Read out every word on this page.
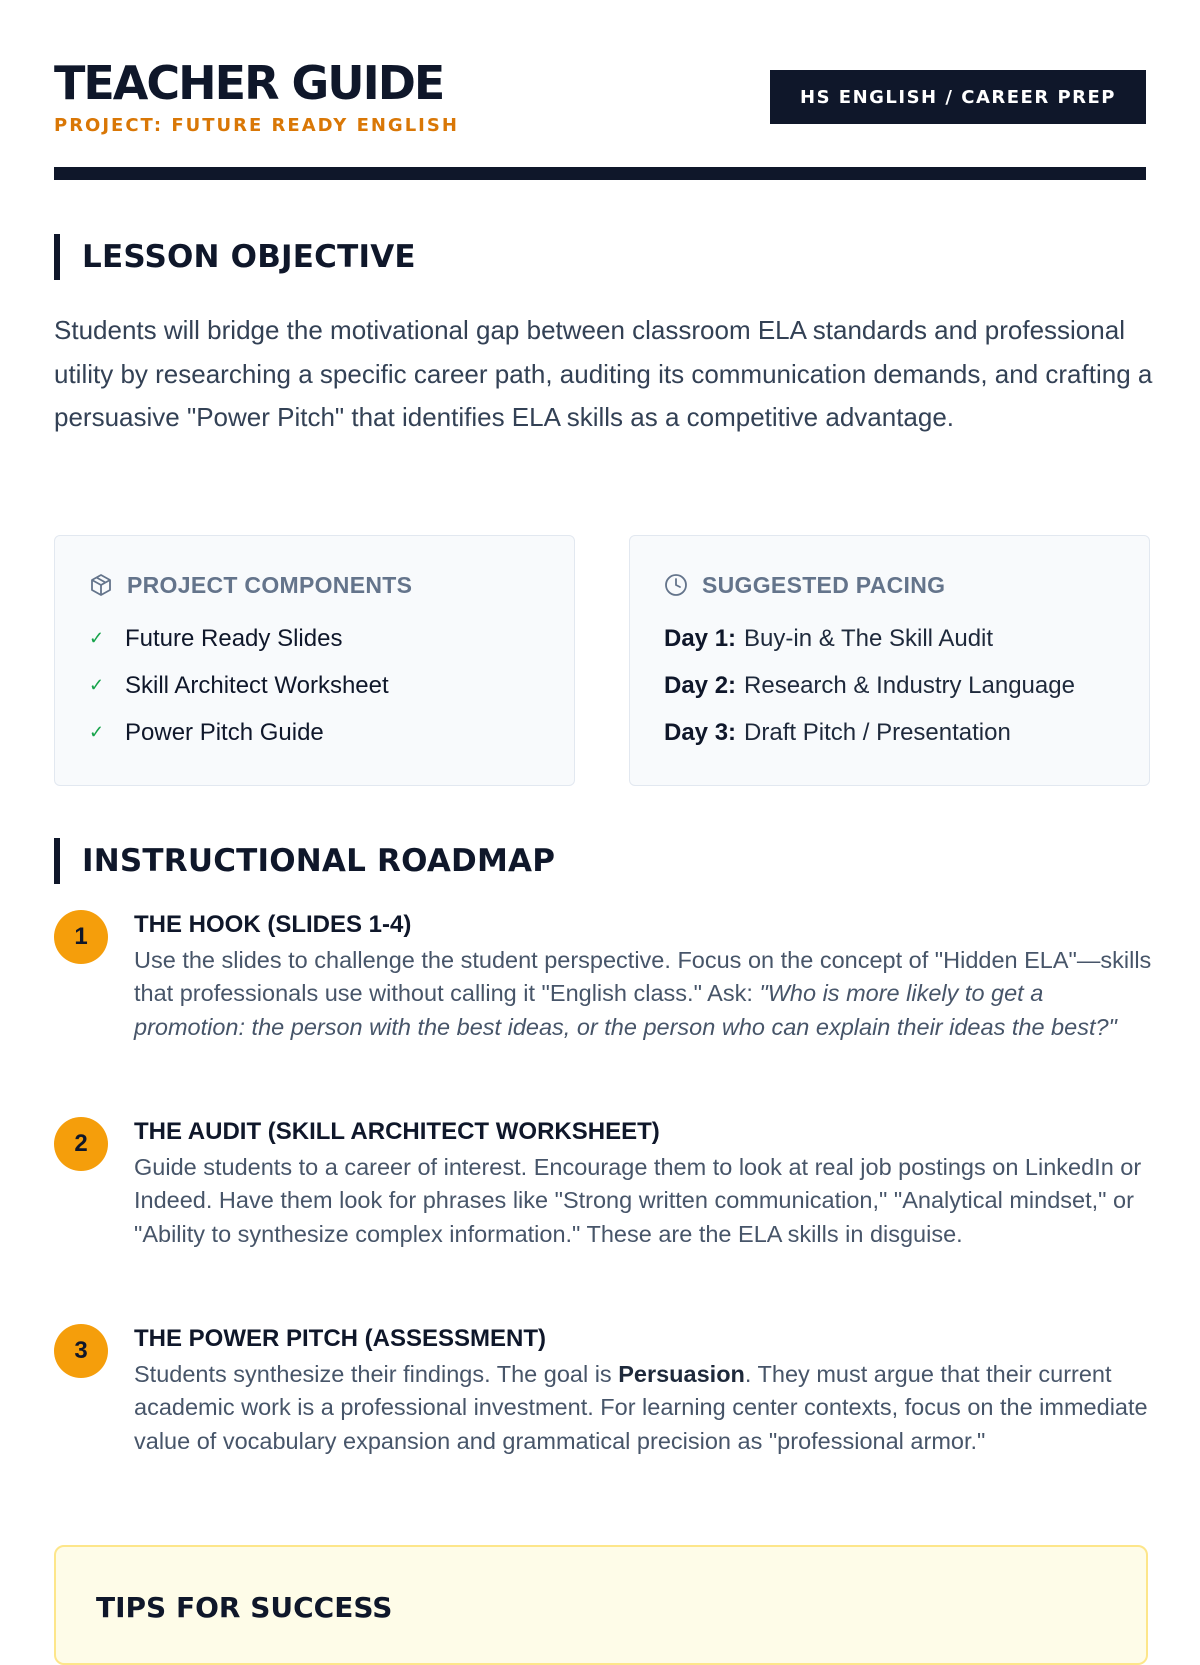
TEACHER GUIDE
PROJECT: FUTURE READY ENGLISH
HS ENGLISH / CAREER PREP
LESSON OBJECTIVE

Students will bridge the motivational gap between classroom ELA standards and professional utility by researching a specific career path, auditing its communication demands, and crafting a persuasive "Power Pitch" that identifies ELA skills as a competitive advantage.

PROJECT COMPONENTS
✓ Future Ready Slides
✓ Skill Architect Worksheet
✓ Power Pitch Guide
SUGGESTED PACING
Day 1: Buy-in & The Skill Audit
Day 2: Research & Industry Language
Day 3: Draft Pitch / Presentation
INSTRUCTIONAL ROADMAP
1	THE HOOK (SLIDES 1-4)

Use the slides to challenge the student perspective. Focus on the concept of "Hidden ELA"—skills that professionals use without calling it "English class." Ask: "Who is more likely to get a promotion: the person with the best ideas, or the person who can explain their ideas the best?"

2	THE AUDIT (SKILL ARCHITECT WORKSHEET)

Guide students to a career of interest. Encourage them to look at real job postings on LinkedIn or Indeed. Have them look for phrases like "Strong written communication," "Analytical mindset," or "Ability to synthesize complex information." These are the ELA skills in disguise.

3	THE POWER PITCH (ASSESSMENT)

Students synthesize their findings. The goal is Persuasion. They must argue that their current academic work is a professional investment. For learning center contexts, focus on the immediate value of vocabulary expansion and grammatical precision as "professional armor."

TIPS FOR SUCCESS
